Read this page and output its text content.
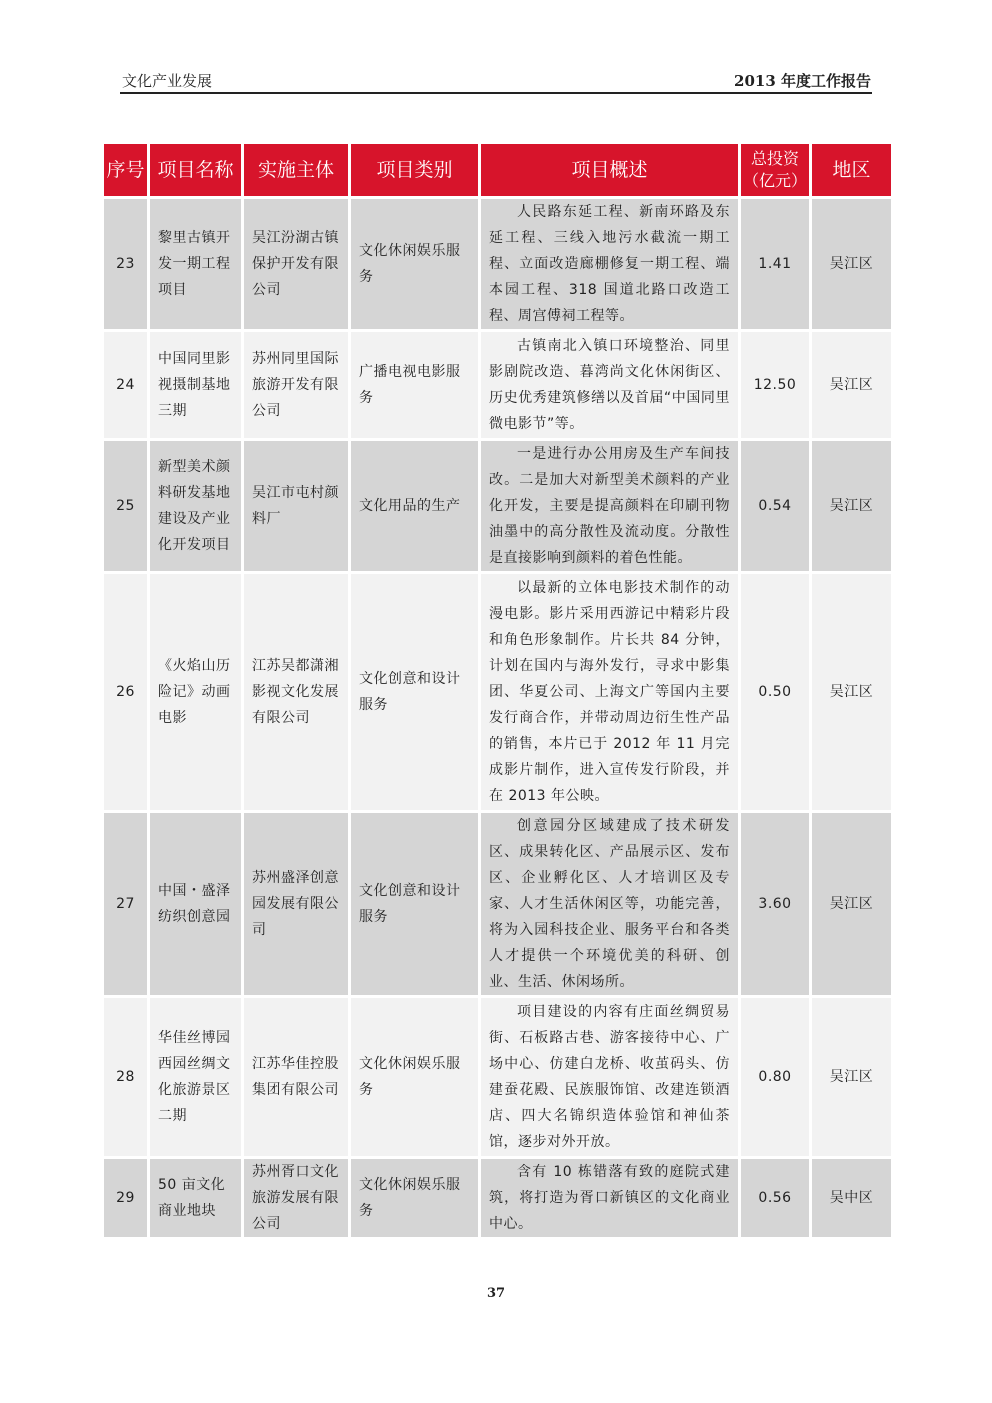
文化产业发展	2013 年度工作报告
序号	项目名称	实施主体	项目类别	项目概述	总投资（亿元）	地区
23	黎里古镇开发一期工程项目	吴江汾湖古镇保护开发有限公司	文化休闲娱乐服务	人民路东延工程、新南环路及东延工程、三线入地污水截流一期工程、立面改造廊棚修复一期工程、端本园工程、318 国道北路口改造工程、周宫傅祠工程等。	1.41	吴江区
24	中国同里影视摄制基地三期	苏州同里国际旅游开发有限公司	广播电视电影服务	古镇南北入镇口环境整治、同里影剧院改造、暮湾尚文化休闲街区、历史优秀建筑修缮以及首届“中国同里微电影节”等。	12.50	吴江区
25	新型美术颜料研发基地建设及产业化开发项目	吴江市屯村颜料厂	文化用品的生产	一是进行办公用房及生产车间技改。二是加大对新型美术颜料的产业化开发，主要是提高颜料在印刷刊物油墨中的高分散性及流动度。分散性是直接影响到颜料的着色性能。	0.54	吴江区
26	《火焰山历险记》动画电影	江苏吴都潇湘影视文化发展有限公司	文化创意和设计服务	以最新的立体电影技术制作的动漫电影。影片采用西游记中精彩片段和角色形象制作。片长共 84 分钟，计划在国内与海外发行，寻求中影集团、华夏公司、上海文广等国内主要发行商合作，并带动周边衍生性产品的销售，本片已于 2012 年 11 月完成影片制作，进入宣传发行阶段，并在 2013 年公映。	0.50	吴江区
27	中国・盛泽纺织创意园	苏州盛泽创意园发展有限公司	文化创意和设计服务	创意园分区域建成了技术研发区、成果转化区、产品展示区、发布区、企业孵化区、人才培训区及专家、人才生活休闲区等，功能完善，将为入园科技企业、服务平台和各类人才提供一个环境优美的科研、创业、生活、休闲场所。	3.60	吴江区
28	华佳丝博园西园丝绸文化旅游景区二期	江苏华佳控股集团有限公司	文化休闲娱乐服务	项目建设的内容有庄面丝绸贸易街、石板路古巷、游客接待中心、广场中心、仿建白龙桥、收茧码头、仿建蚕花殿、民族服饰馆、改建连锁酒店、四大名锦织造体验馆和神仙茶馆，逐步对外开放。	0.80	吴江区
29	50 亩文化商业地块	苏州胥口文化旅游发展有限公司	文化休闲娱乐服务	含有 10 栋错落有致的庭院式建筑，将打造为胥口新镇区的文化商业中心。	0.56	吴中区
37
